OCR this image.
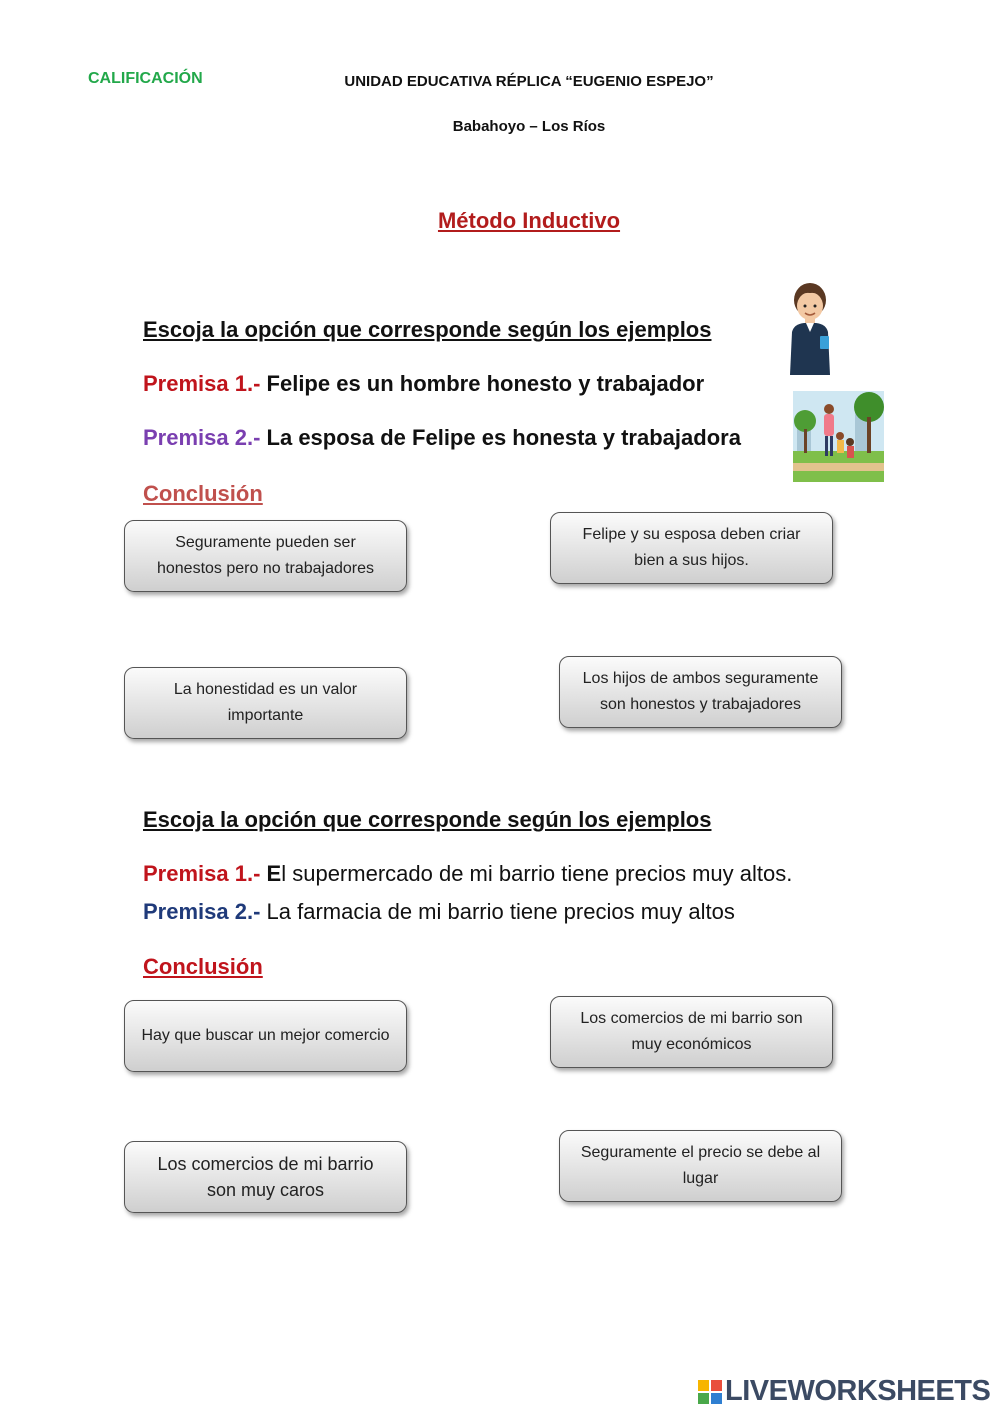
CALIFICACIÓN	UNIDAD EDUCATIVA RÉPLICA “EUGENIO ESPEJO”
Babahoyo – Los Ríos
Método Inductivo
Escoja la opción que corresponde según los ejemplos
Premisa 1.- Felipe es un hombre honesto y trabajador
Premisa 2.- La esposa de Felipe es honesta y trabajadora
Conclusión
Seguramente pueden ser honestos pero no trabajadores
Felipe y su esposa deben criar bien a sus hijos.
La honestidad es un valor importante
Los hijos de ambos seguramente son honestos y trabajadores
Escoja la opción que corresponde según los ejemplos
Premisa 1.- El supermercado de mi barrio tiene precios muy altos.
Premisa 2.- La farmacia de mi barrio tiene precios muy altos
Conclusión
Hay que buscar un mejor comercio
Los comercios de mi barrio son muy económicos
Los comercios de mi barrio son muy caros
Seguramente el precio se debe al lugar
LIVEWORKSHEETS
